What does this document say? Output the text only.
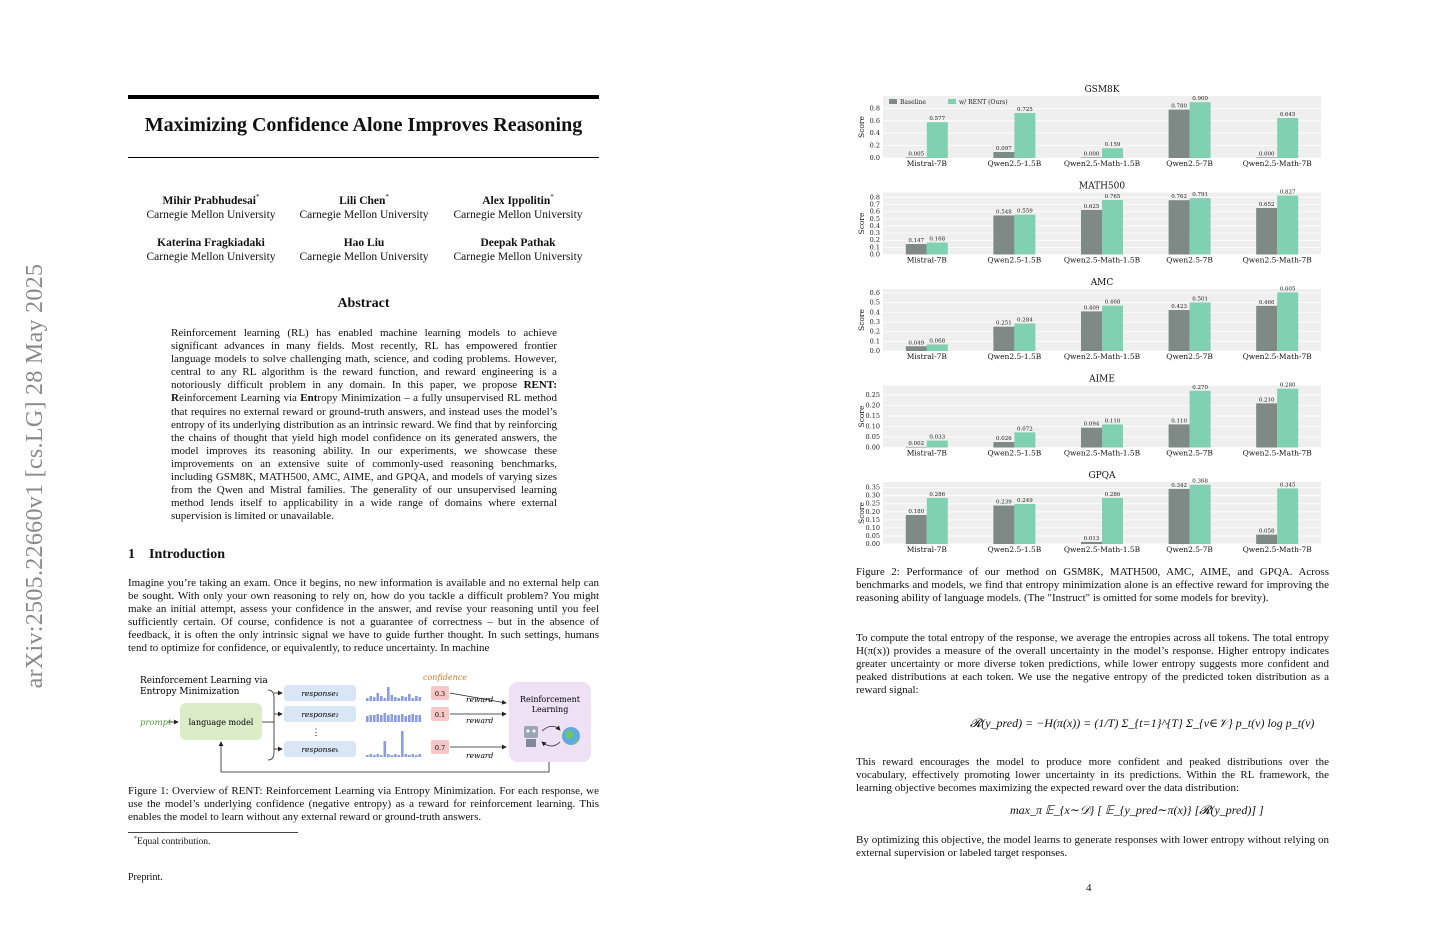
arXiv:2505.22660v1 [cs.LG] 28 May 2025
Maximizing Confidence Alone Improves Reasoning
Mihir Prabhudesai*
Carnegie Mellon University
Lili Chen*
Carnegie Mellon University
Alex Ippolitin*
Carnegie Mellon University
Katerina Fragkiadaki
Carnegie Mellon University
Hao Liu
Carnegie Mellon University
Deepak Pathak
Carnegie Mellon University
Abstract
Reinforcement learning (RL) has enabled machine learning models to achieve significant advances in many fields. Most recently, RL has empowered frontier language models to solve challenging math, science, and coding problems. However, central to any RL algorithm is the reward function, and reward engineering is a notoriously difficult problem in any domain. In this paper, we propose RENT: Reinforcement Learning via Entropy Minimization – a fully unsupervised RL method that requires no external reward or ground-truth answers, and instead uses the model’s entropy of its underlying distribution as an intrinsic reward. We find that by reinforcing the chains of thought that yield high model confidence on its generated answers, the model improves its reasoning ability. In our experiments, we showcase these improvements on an extensive suite of commonly-used reasoning benchmarks, including GSM8K, MATH500, AMC, AIME, and GPQA, and models of varying sizes from the Qwen and Mistral families. The generality of our unsupervised learning method lends itself to applicability in a wide range of domains where external supervision is limited or unavailable.
1 Introduction
Imagine you’re taking an exam. Once it begins, no new information is available and no external help can be sought. With only your own reasoning to rely on, how do you tackle a difficult problem? You might make an initial attempt, assess your confidence in the answer, and revise your reasoning until you feel sufficiently certain. Of course, confidence is not a guarantee of correctness – but in the absence of feedback, it is often the only intrinsic signal we have to guide further thought. In such settings, humans tend to optimize for confidence, or equivalently, to reduce uncertainty. In machine
Reinforcement Learning via
Entropy Minimization
prompt language model
response₁
response₂
⋮
responseₖ
confidence
0.3
0.1
0.7
reward
reward
reward
Reinforcement
Learning
Figure 1: Overview of RENT: Reinforcement Learning via Entropy Minimization. For each response, we use the model’s underlying confidence (negative entropy) as a reward for reinforcement learning. This enables the model to learn without any external reward or ground-truth answers.
*Equal contribution.
Preprint.
GSM8K
0.0
0.2
0.4
0.6
0.8
Score
0.005
0.577
Mistral-7B
0.097
0.725
Qwen2.5-1.5B
0.000
0.159
Qwen2.5-Math-1.5B
0.780
0.900
Qwen2.5-7B
0.000
0.645
Qwen2.5-Math-7B
Baseline	w/ RENT (Ours)
MATH500
0.0
0.1
0.2
0.3
0.4
0.5
0.6
0.7
0.8
Score
0.147 0.168
Mistral-7B
0.548 0.559
Qwen2.5-1.5B
0.625
0.765
Qwen2.5-Math-1.5B
0.762 0.791
Qwen2.5-7B
0.652
0.827
Qwen2.5-Math-7B
AMC
0.0
0.1
0.2
0.3
0.4
0.5
0.6
Score
0.049 0.068
Mistral-7B
0.251
0.284
Qwen2.5-1.5B
0.409
0.468
Qwen2.5-Math-1.5B
0.423
0.501
Qwen2.5-7B
0.466
0.605
Qwen2.5-Math-7B
AIME
0.00
0.05
0.10
0.15
0.20
0.25
Score
0.002
0.033
Mistral-7B
0.026
0.072
Qwen2.5-1.5B
0.094
0.110
Qwen2.5-Math-1.5B
0.110
0.270
Qwen2.5-7B
0.210
0.280
Qwen2.5-Math-7B
GPQA
0.00
0.05
0.10
0.15
0.20
0.25
0.30
0.35
Score	0.180
0.286
Mistral-7B
0.239 0.249
Qwen2.5-1.5B
0.013
0.286
Qwen2.5-Math-1.5B
0.342
0.368
Qwen2.5-7B
0.058
0.345
Qwen2.5-Math-7B
Figure 2: Performance of our method on GSM8K, MATH500, AMC, AIME, and GPQA. Across benchmarks and models, we find that entropy minimization alone is an effective reward for improving the reasoning ability of language models. (The "Instruct" is omitted for some models for brevity).
To compute the total entropy of the response, we average the entropies across all tokens. The total entropy H(π(x)) provides a measure of the overall uncertainty in the model’s response. Higher entropy indicates greater uncertainty or more diverse token predictions, while lower entropy suggests more confident and peaked distributions at each token. We use the negative entropy of the predicted token distribution as a reward signal:
𝓡(y_pred) = −H(π(x)) = (1/T) Σ_{t=1}^{T} Σ_{v∈𝒱} p_t(v) log p_t(v)
This reward encourages the model to produce more confident and peaked distributions over the vocabulary, effectively promoting lower uncertainty in its predictions. Within the RL framework, the learning objective becomes maximizing the expected reward over the data distribution:
max_π 𝔼_{x∼𝒟} [ 𝔼_{y_pred∼π(x)} [𝓡(y_pred)] ]
By optimizing this objective, the model learns to generate responses with lower entropy without relying on external supervision or labeled target responses.
4
